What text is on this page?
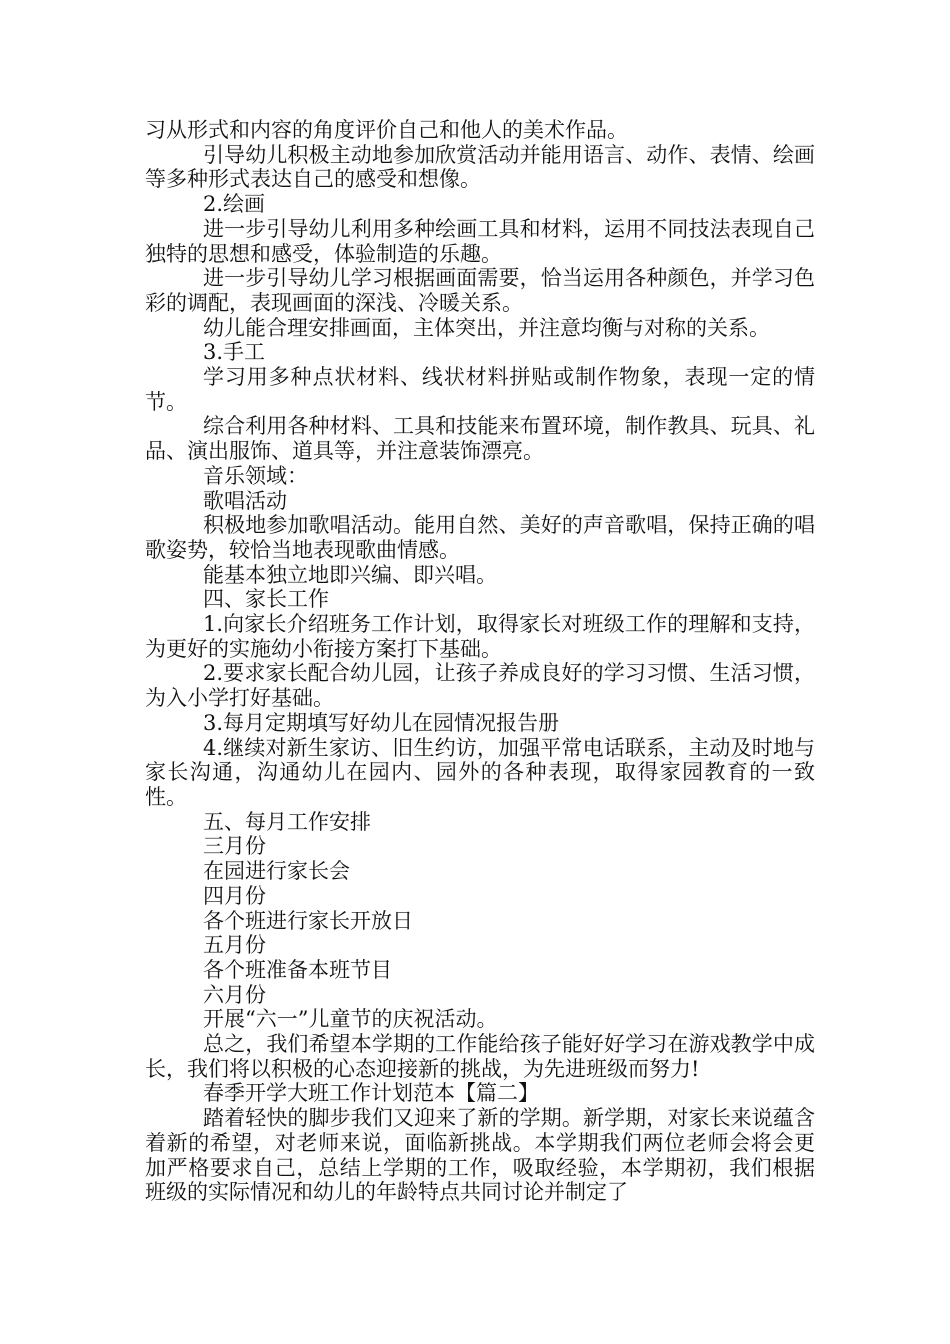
习从形式和内容的角度评价自己和他人的美术作品。

引导幼儿积极主动地参加欣赏活动并能用语言、动作、表情、绘画等多种形式表达自己的感受和想像。

2.绘画

进一步引导幼儿利用多种绘画工具和材料，运用不同技法表现自己独特的思想和感受，体验制造的乐趣。

进一步引导幼儿学习根据画面需要，恰当运用各种颜色，并学习色彩的调配，表现画面的深浅、冷暖关系。

幼儿能合理安排画面，主体突出，并注意均衡与对称的关系。

3.手工

学习用多种点状材料、线状材料拼贴或制作物象，表现一定的情节。

综合利用各种材料、工具和技能来布置环境，制作教具、玩具、礼品、演出服饰、道具等，并注意装饰漂亮。

音乐领域：

歌唱活动

积极地参加歌唱活动。能用自然、美好的声音歌唱，保持正确的唱歌姿势，较恰当地表现歌曲情感。

能基本独立地即兴编、即兴唱。

四、家长工作

1.向家长介绍班务工作计划，取得家长对班级工作的理解和支持，为更好的实施幼小衔接方案打下基础。

2.要求家长配合幼儿园，让孩子养成良好的学习习惯、生活习惯，为入小学打好基础。

3.每月定期填写好幼儿在园情况报告册

4.继续对新生家访、旧生约访，加强平常电话联系，主动及时地与家长沟通，沟通幼儿在园内、园外的各种表现，取得家园教育的一致性。

五、每月工作安排

三月份

在园进行家长会

四月份

各个班进行家长开放日

五月份

各个班准备本班节目

六月份

开展“六一”儿童节的庆祝活动。

总之，我们希望本学期的工作能给孩子能好好学习在游戏教学中成长，我们将以积极的心态迎接新的挑战，为先进班级而努力!

春季开学大班工作计划范本【篇二】

踏着轻快的脚步我们又迎来了新的学期。新学期，对家长来说蕴含着新的希望，对老师来说，面临新挑战。本学期我们两位老师会将会更加严格要求自己，总结上学期的工作，吸取经验，本学期初，我们根据班级的实际情况和幼儿的年龄特点共同讨论并制定了
